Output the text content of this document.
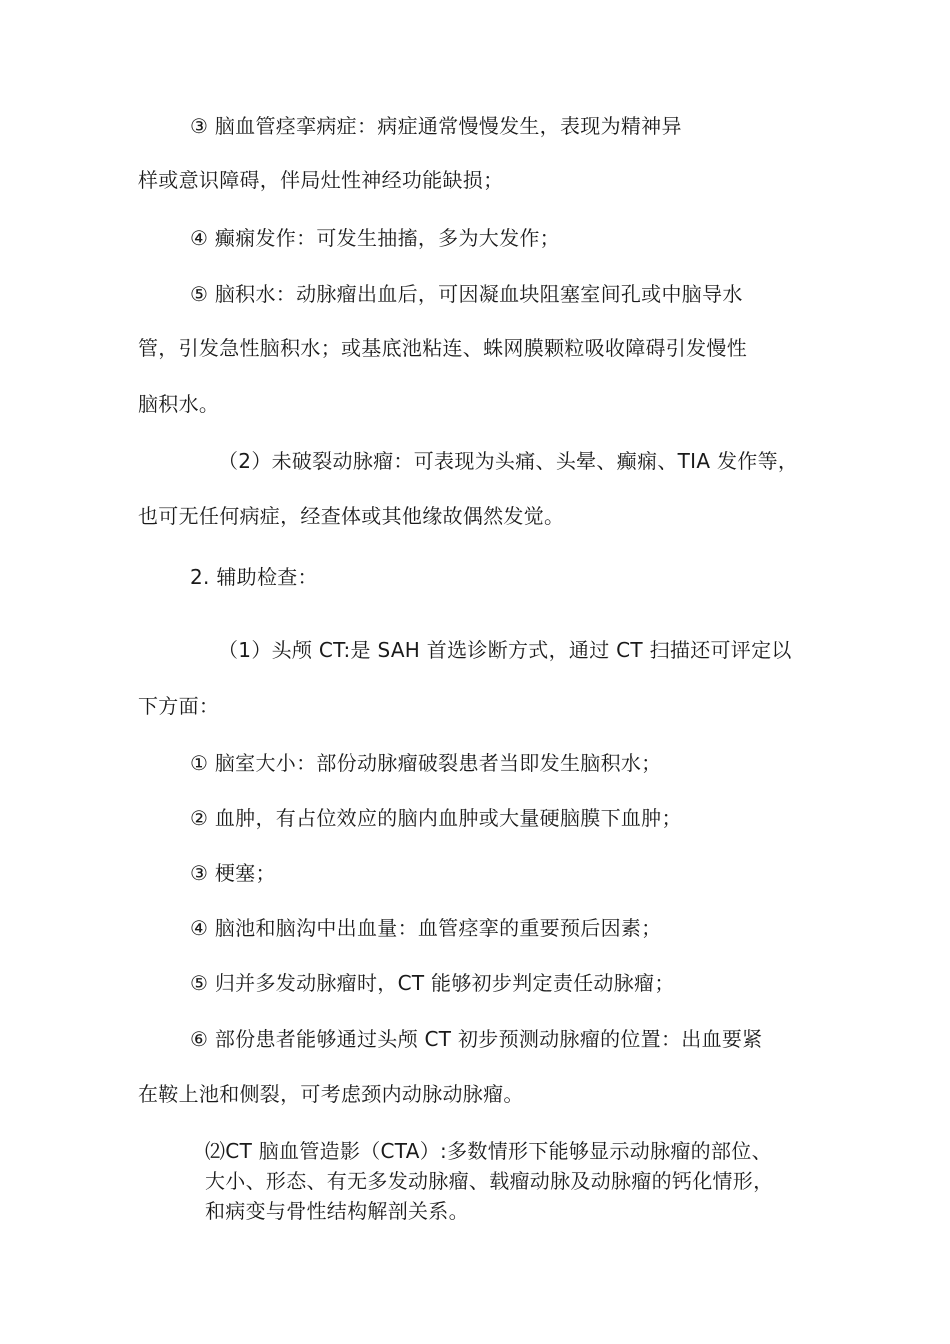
③ 脑血管痉挛病症：病症通常慢慢发生，表现为精神异
样或意识障碍，伴局灶性神经功能缺损；
④ 癫痫发作：可发生抽搐，多为大发作；
⑤ 脑积水：动脉瘤出血后，可因凝血块阻塞室间孔或中脑导水
管，引发急性脑积水；或基底池粘连、蛛网膜颗粒吸收障碍引发慢性
脑积水。
（2）未破裂动脉瘤：可表现为头痛、头晕、癫痫、TIA 发作等，
也可无任何病症，经查体或其他缘故偶然发觉。
2. 辅助检查：
（1）头颅 CT:是 SAH 首选诊断方式，通过 CT 扫描还可评定以
下方面：
① 脑室大小：部份动脉瘤破裂患者当即发生脑积水；
② 血肿，有占位效应的脑内血肿或大量硬脑膜下血肿；
③ 梗塞；
④ 脑池和脑沟中出血量：血管痉挛的重要预后因素；
⑤ 归并多发动脉瘤时，CT 能够初步判定责任动脉瘤；
⑥ 部份患者能够通过头颅 CT 初步预测动脉瘤的位置：出血要紧
在鞍上池和侧裂，可考虑颈内动脉动脉瘤。
⑵CT 脑血管造影（CTA）:多数情形下能够显示动脉瘤的部位、
大小、形态、有无多发动脉瘤、载瘤动脉及动脉瘤的钙化情形，
和病变与骨性结构解剖关系。
